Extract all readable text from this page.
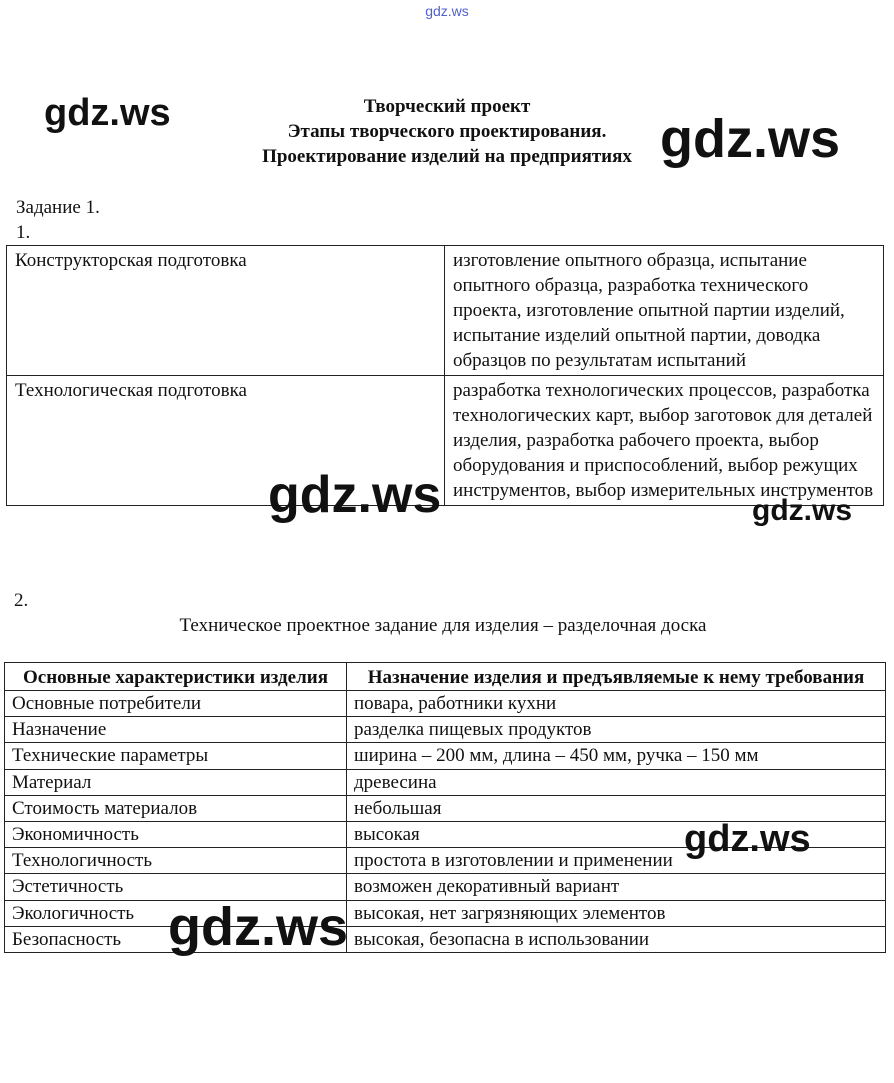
gdz.ws
Творческий проект
Этапы творческого проектирования.
Проектирование изделий на предприятиях
Задание 1.
1.
Конструкторская подготовка	изготовление опытного образца, испытание опытного образца, разработка технического проекта, изготовление опытной партии изделий, испытание изделий опытной партии, доводка образцов по результатам испытаний
Технологическая подготовка	разработка технологических процессов, разработка технологических карт, выбор заготовок для деталей изделия, разработка рабочего проекта, выбор оборудования и приспособлений, выбор режущих инструментов, выбор измерительных инструментов
2.
Техническое проектное задание для изделия – разделочная доска
Основные характеристики изделия	Назначение изделия и предъявляемые к нему требования
Основные потребители	повара, работники кухни
Назначение	разделка пищевых продуктов
Технические параметры	ширина – 200 мм, длина – 450 мм, ручка – 150 мм
Материал	древесина
Стоимость материалов	небольшая
Экономичность	высокая
Технологичность	простота в изготовлении и применении
Эстетичность	возможен декоративный вариант
Экологичность	высокая, нет загрязняющих элементов
Безопасность	высокая, безопасна в использовании
gdz.ws	gdz.ws
gdz.ws	gdz.ws
gdz.ws
gdz.ws
